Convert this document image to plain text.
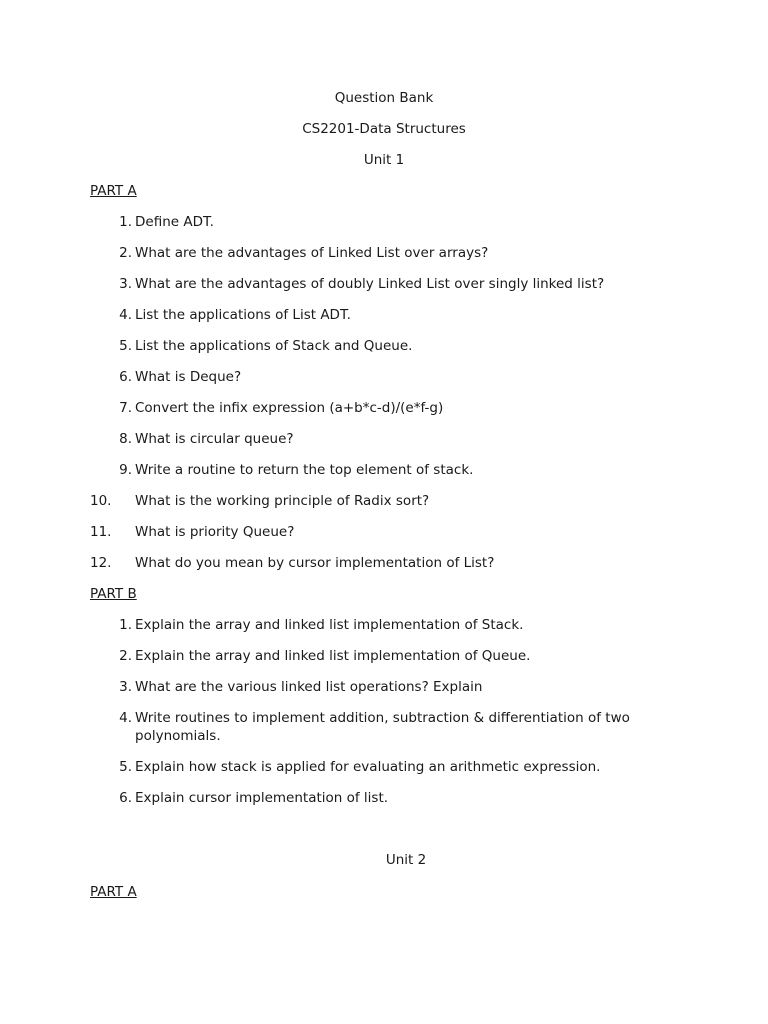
Question Bank
CS2201-Data Structures
Unit 1
PART A
1. Define ADT.
2. What are the advantages of Linked List over arrays?
3. What are the advantages of doubly Linked List over singly linked list?
4. List the applications of List ADT.
5. List the applications of Stack and Queue.
6. What is Deque?
7. Convert the infix expression (a+b*c-d)/(e*f-g)
8. What is circular queue?
9. Write a routine to return the top element of stack.
10.	What is the working principle of Radix sort?
11.	What is priority Queue?
12.	What do you mean by cursor implementation of List?
PART B
1. Explain the array and linked list implementation of Stack.
2. Explain the array and linked list implementation of Queue.
3. What are the various linked list operations? Explain
4. Write routines to implement addition, subtraction & differentiation of two polynomials.
5. Explain how stack is applied for evaluating an arithmetic expression.
6. Explain cursor implementation of list.
Unit 2
PART A
